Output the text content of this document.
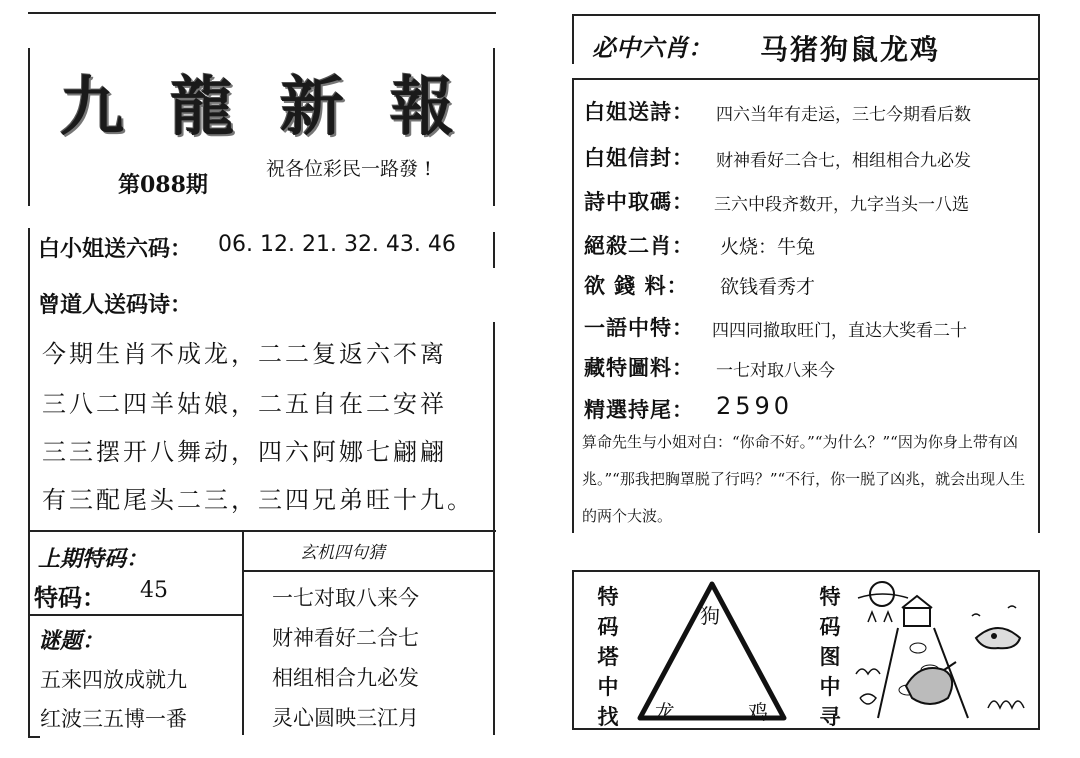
九龍新報
第088期
祝各位彩民一路發 !
白小姐送六码： 06. 12. 21. 32. 43. 46
曾道人送码诗：
今期生肖不成龙，二二复返六不离
三八二四羊姑娘，二五自在二安祥
三三摆开八舞动，四六阿娜七翩翩
有三配尾头二三，三四兄弟旺十九。
上期特码：
特码： 45
谜题：
五来四放成就九
红波三五博一番
玄机四句猜
一七对取八来今
财神看好二合七
相组相合九必发
灵心圆映三江月
必中六肖： 马猪狗鼠龙鸡
白姐送詩： 四六当年有走运，三七今期看后数
白姐信封： 财神看好二合七，相组相合九必发
詩中取碼： 三六中段齐数开，九字当头一八选
絕殺二肖： 火烧：牛兔
欲 錢 料： 欲钱看秀才
一語中特： 四四同撤取旺门，直达大奖看二十
藏特圖料： 一七对取八来今
精選持尾： 2590
算命先生与小姐对白：“你命不好。”“为什么？”“因为你身上带有凶兆。”“那我把胸罩脱了行吗？”“不行，你一脱了凶兆，就会出现人生的两个大波。
特码塔中找
狗
龙	鸡
特码图中寻
